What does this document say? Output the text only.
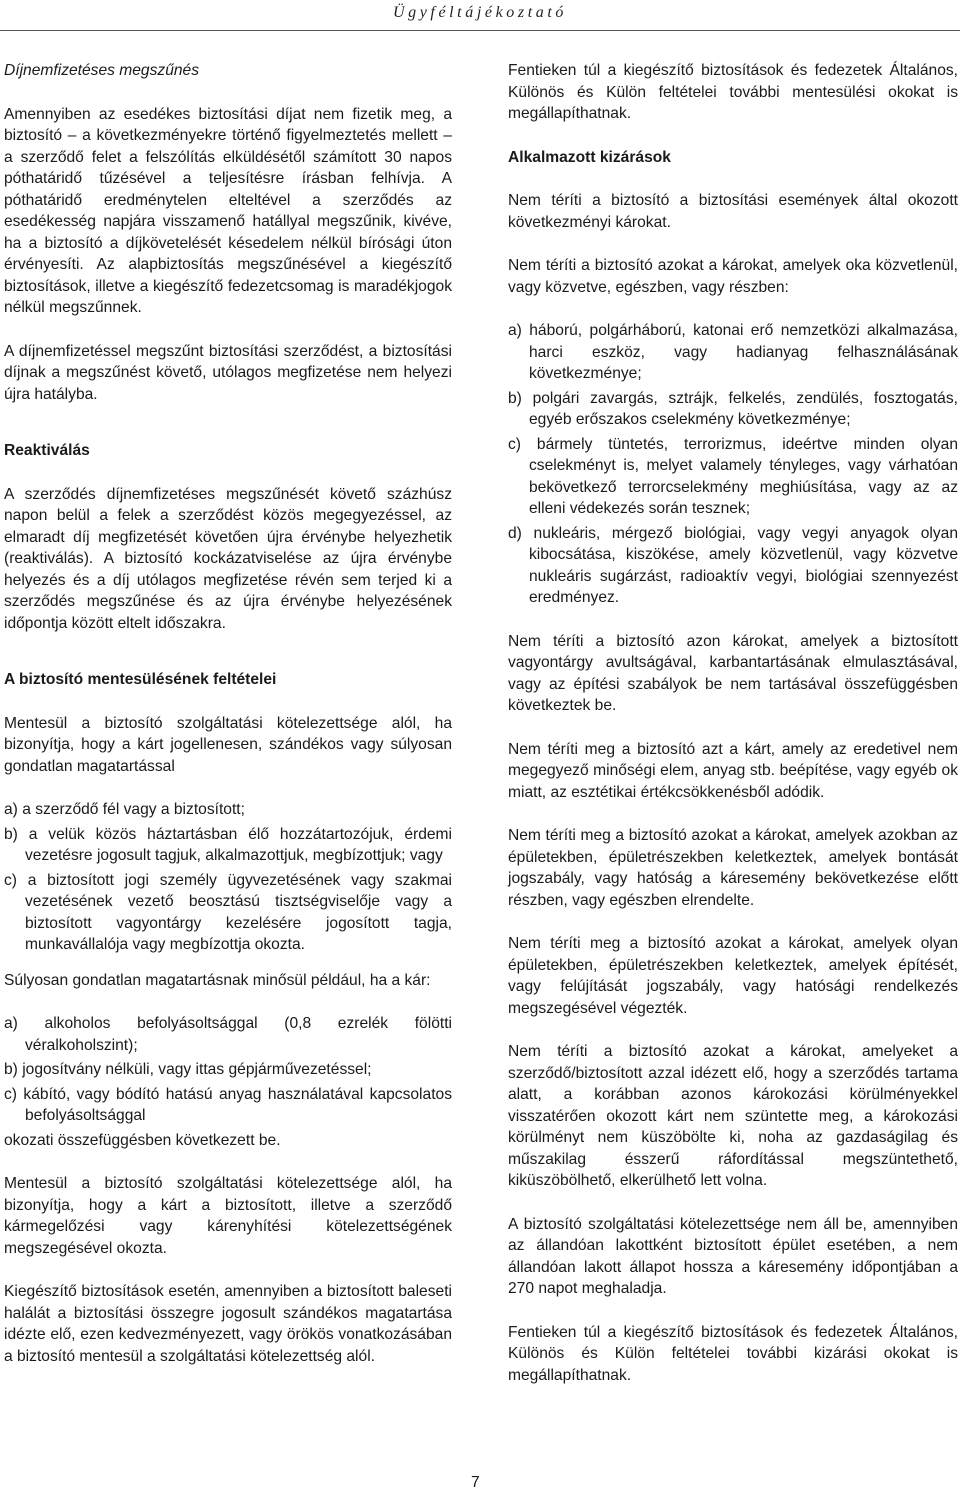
Ügyféltájékoztató

Díjnemfizetéses megszűnés

Amennyiben az esedékes biztosítási díjat nem fizetik meg, a biztosító – a következményekre történő figyelmeztetés mellett – a szerződő felet a felszólítás elküldésétől számított 30 napos póthatáridő tűzésével a teljesítésre írásban felhívja. A póthatáridő eredménytelen elteltével a szerződés az esedékesség napjára visszamenő hatállyal megszűnik, kivéve, ha a biztosító a díjkövetelését késedelem nélkül bírósági úton érvényesíti. Az alapbiztosítás megszűnésével a kiegészítő biztosítások, illetve a kiegészítő fedezetcsomag is maradékjogok nélkül megszűnnek.

A díjnemfizetéssel megszűnt biztosítási szerződést, a biztosítási díjnak a megszűnést követő, utólagos megfizetése nem helyezi újra hatályba.

Reaktiválás

A szerződés díjnemfizetéses megszűnését követő százhúsz napon belül a felek a szerződést közös megegyezéssel, az elmaradt díj megfizetését követően újra érvénybe helyezhetik (reaktiválás). A biztosító kockázatviselése az újra érvénybe helyezés és a díj utólagos megfizetése révén sem terjed ki a szerződés megszűnése és az újra érvénybe helyezésének időpontja között eltelt időszakra.

A biztosító mentesülésének feltételei

Mentesül a biztosító szolgáltatási kötelezettsége alól, ha bizonyítja, hogy a kárt jogellenesen, szándékos vagy súlyosan gondatlan magatartással

a) a szerződő fél vagy a biztosított;
b) a velük közös háztartásban élő hozzátartozójuk, érdemi vezetésre jogosult tagjuk, alkalmazottjuk, megbízottjuk; vagy
c) a biztosított jogi személy ügyvezetésének vagy szakmai vezetésének vezető beosztású tisztségviselője vagy a biztosított vagyontárgy kezelésére jogosított tagja, munkavállalója vagy megbízottja okozta.

Súlyosan gondatlan magatartásnak minősül például, ha a kár:

a) alkoholos befolyásoltsággal (0,8 ezrelék fölötti véralkoholszint);
b) jogosítvány nélküli, vagy ittas gépjárművezetéssel;
c) kábító, vagy bódító hatású anyag használatával kapcsolatos befolyásoltsággal

okozati összefüggésben következett be.

Mentesül a biztosító szolgáltatási kötelezettsége alól, ha bizonyítja, hogy a kárt a biztosított, illetve a szerződő kármegelőzési vagy kárenyhítési kötelezettségének megszegésével okozta.

Kiegészítő biztosítások esetén, amennyiben a biztosított baleseti halálát a biztosítási összegre jogosult szándékos magatartása idézte elő, ezen kedvezményezett, vagy örökös vonatkozásában a biztosító mentesül a szolgáltatási kötelezettség alól.

Fentieken túl a kiegészítő biztosítások és fedezetek Általános, Különös és Külön feltételei további mentesülési okokat is megállapíthatnak.

Alkalmazott kizárások

Nem téríti a biztosító a biztosítási események által okozott következményi károkat.

Nem téríti a biztosító azokat a károkat, amelyek oka közvetlenül, vagy közvetve, egészben, vagy részben:

a) háború, polgárháború, katonai erő nemzetközi alkalmazása, harci eszköz, vagy hadianyag felhasználásának következménye;
b) polgári zavargás, sztrájk, felkelés, zendülés, fosztogatás, egyéb erőszakos cselekmény következménye;
c) bármely tüntetés, terrorizmus, ideértve minden olyan cselekményt is, melyet valamely tényleges, vagy várhatóan bekövetkező terrorcselekmény meghiúsítása, vagy az az elleni védekezés során tesznek;
d) nukleáris, mérgező biológiai, vagy vegyi anyagok olyan kibocsátása, kiszökése, amely közvetlenül, vagy közvetve nukleáris sugárzást, radioaktív vegyi, biológiai szennyezést eredményez.

Nem téríti a biztosító azon károkat, amelyek a biztosított vagyontárgy avultságával, karbantartásának elmulasztásával, vagy az építési szabályok be nem tartásával összefüggésben következtek be.

Nem téríti meg a biztosító azt a kárt, amely az eredetivel nem megegyező minőségi elem, anyag stb. beépítése, vagy egyéb ok miatt, az esztétikai értékcsökkenésből adódik.

Nem téríti meg a biztosító azokat a károkat, amelyek azokban az épületekben, épületrészekben keletkeztek, amelyek bontását jogszabály, vagy hatóság a káresemény bekövetkezése előtt részben, vagy egészben elrendelte.

Nem téríti meg a biztosító azokat a károkat, amelyek olyan épületekben, épületrészekben keletkeztek, amelyek építését, vagy felújítását jogszabály, vagy hatósági rendelkezés megszegésével végezték.

Nem téríti a biztosító azokat a károkat, amelyeket a szerződő/biztosított azzal idézett elő, hogy a szerződés tartama alatt, a korábban azonos károkozási körülményekkel visszatérően okozott kárt nem szüntette meg, a károkozási körülményt nem küszöbölte ki, noha az gazdaságilag és műszakilag ésszerű ráfordítással megszüntethető, kiküszöbölhető, elkerülhető lett volna.

A biztosító szolgáltatási kötelezettsége nem áll be, amennyiben az állandóan lakottként biztosított épület esetében, a nem állandóan lakott állapot hossza a káresemény időpontjában a 270 napot meghaladja.

Fentieken túl a kiegészítő biztosítások és fedezetek Általános, Különös és Külön feltételei további kizárási okokat is megállapíthatnak.

7
